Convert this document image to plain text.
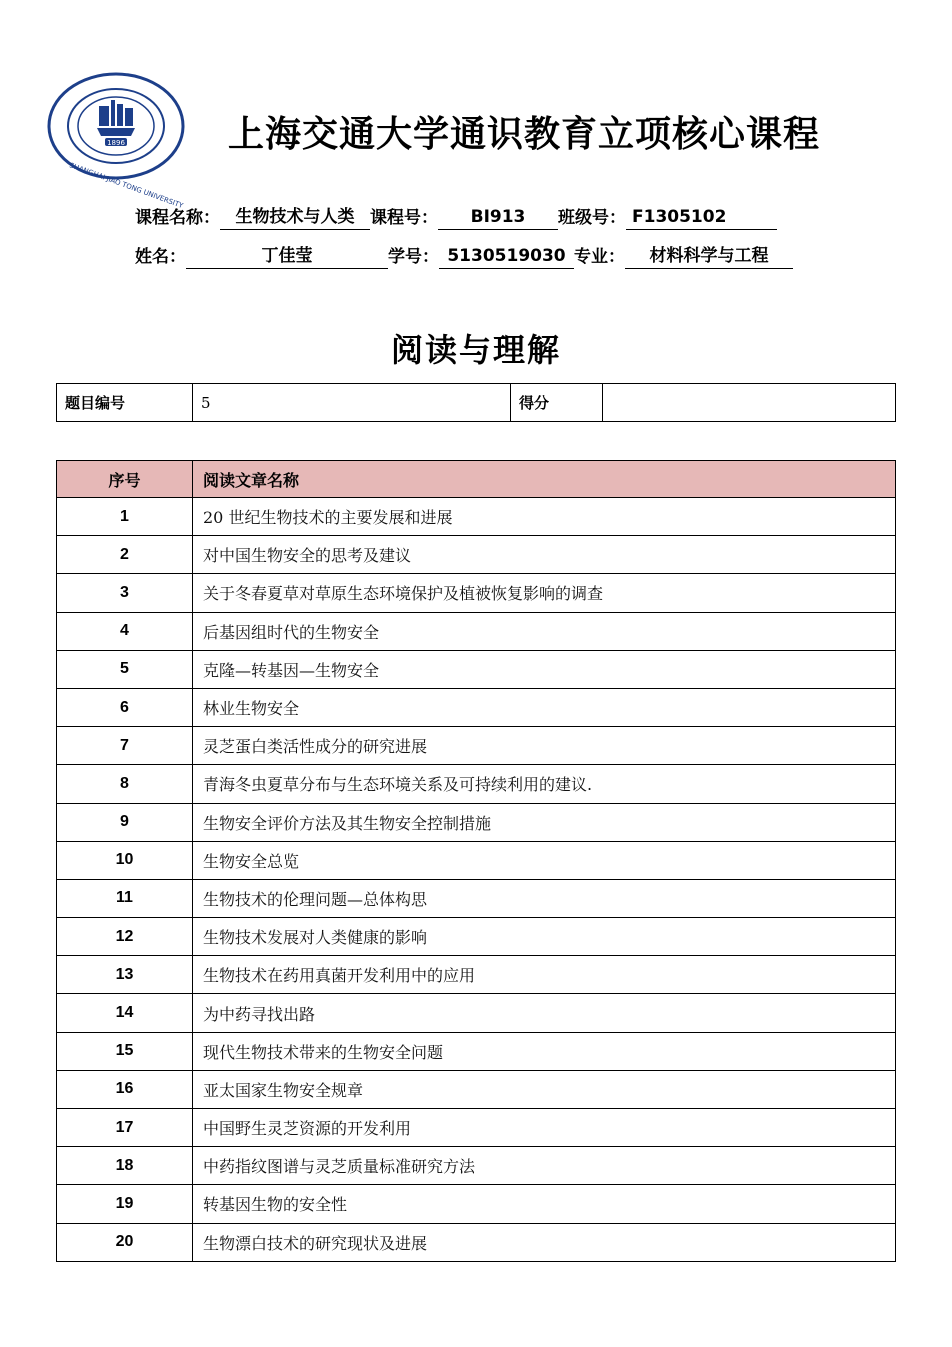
1896
SHANGHAI JIAO TONG UNIVERSITY
上海交通大学通识教育立项核心课程
课程名称： 生物技术与人类 课程号： BI913 班级号： F1305102
姓名：	丁佳莹	学号： 5130519030 专业： 材料科学与工程
阅读与理解
题目编号	5	得分	
序号	阅读文章名称
1	20 世纪生物技术的主要发展和进展
2	对中国生物安全的思考及建议
3	关于冬春夏草对草原生态环境保护及植被恢复影响的调查
4	后基因组时代的生物安全
5	克隆—转基因—生物安全
6	林业生物安全
7	灵芝蛋白类活性成分的研究进展
8	青海冬虫夏草分布与生态环境关系及可持续利用的建议.
9	生物安全评价方法及其生物安全控制措施
10	生物安全总览
11	生物技术的伦理问题—总体构思
12	生物技术发展对人类健康的影响
13	生物技术在药用真菌开发利用中的应用
14	为中药寻找出路
15	现代生物技术带来的生物安全问题
16	亚太国家生物安全规章
17	中国野生灵芝资源的开发利用
18	中药指纹图谱与灵芝质量标准研究方法
19	转基因生物的安全性
20	生物漂白技术的研究现状及进展
